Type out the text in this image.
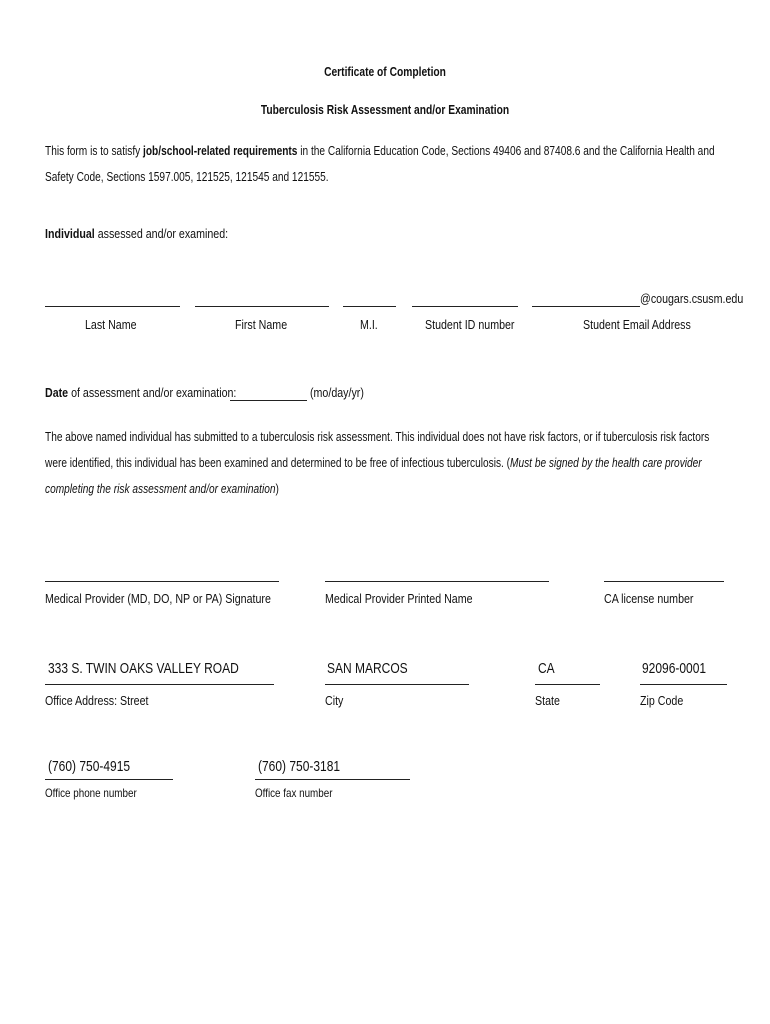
Certificate of Completion
Tuberculosis Risk Assessment and/or Examination
This form is to satisfy job/school-related requirements in the California Education Code, Sections 49406 and 87408.6 and the California Health and Safety Code, Sections 1597.005, 121525, 121545 and 121555.
Individual assessed and/or examined:
@cougars.csusm.edu
Last Name	First Name	M.I.	Student ID number	Student Email Address
Date of assessment and/or examination:	(mo/day/yr)
The above named individual has submitted to a tuberculosis risk assessment. This individual does not have risk factors, or if tuberculosis risk factors were identified, this individual has been examined and determined to be free of infectious tuberculosis. (Must be signed by the health care provider completing the risk assessment and/or examination)
Medical Provider (MD, DO, NP or PA) Signature	Medical Provider Printed Name	CA license number
333 S. TWIN OAKS VALLEY ROAD
Office Address: Street
SAN MARCOS
City
CA
State
92096-0001
Zip Code
(760) 750-4915
Office phone number
(760) 750-3181
Office fax number
